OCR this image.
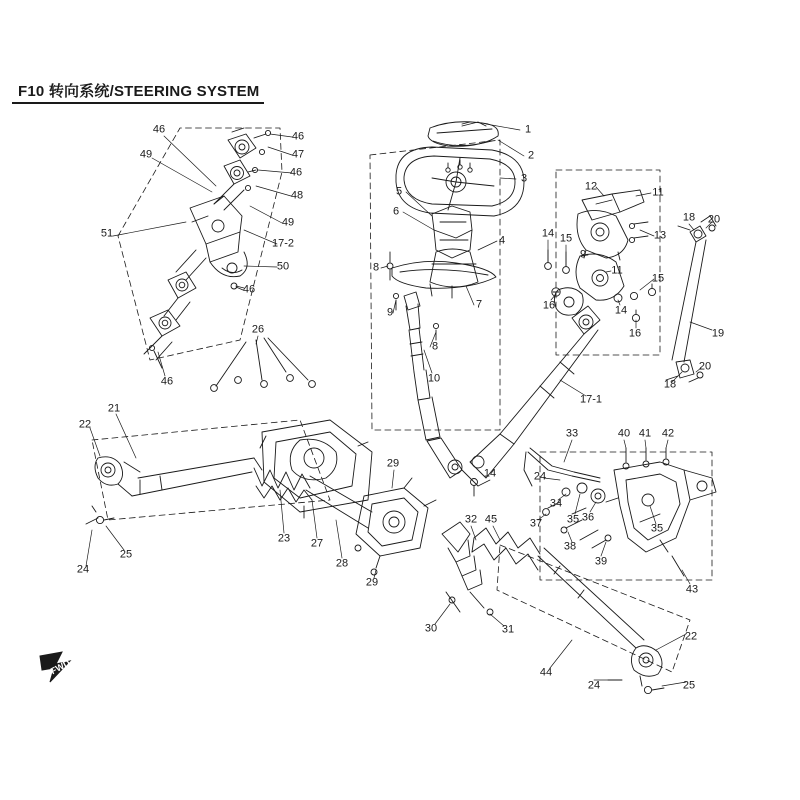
F10 转向系统/STEERING SYSTEM
1
2
3
4
5
6
7
8
8
9
9
10
11
11
12
13
14
14
14
15
15
16
16
17-1
17-2
18
18
19
20
20
21
22
22
23
24
24
24
25
25
26
27
28
29
29
30	31
32
33
34
35
35
36
37
38
39
40 41 42
43
44
45
46
46
46
46
46
47
48
49
49
50
51
FWD
